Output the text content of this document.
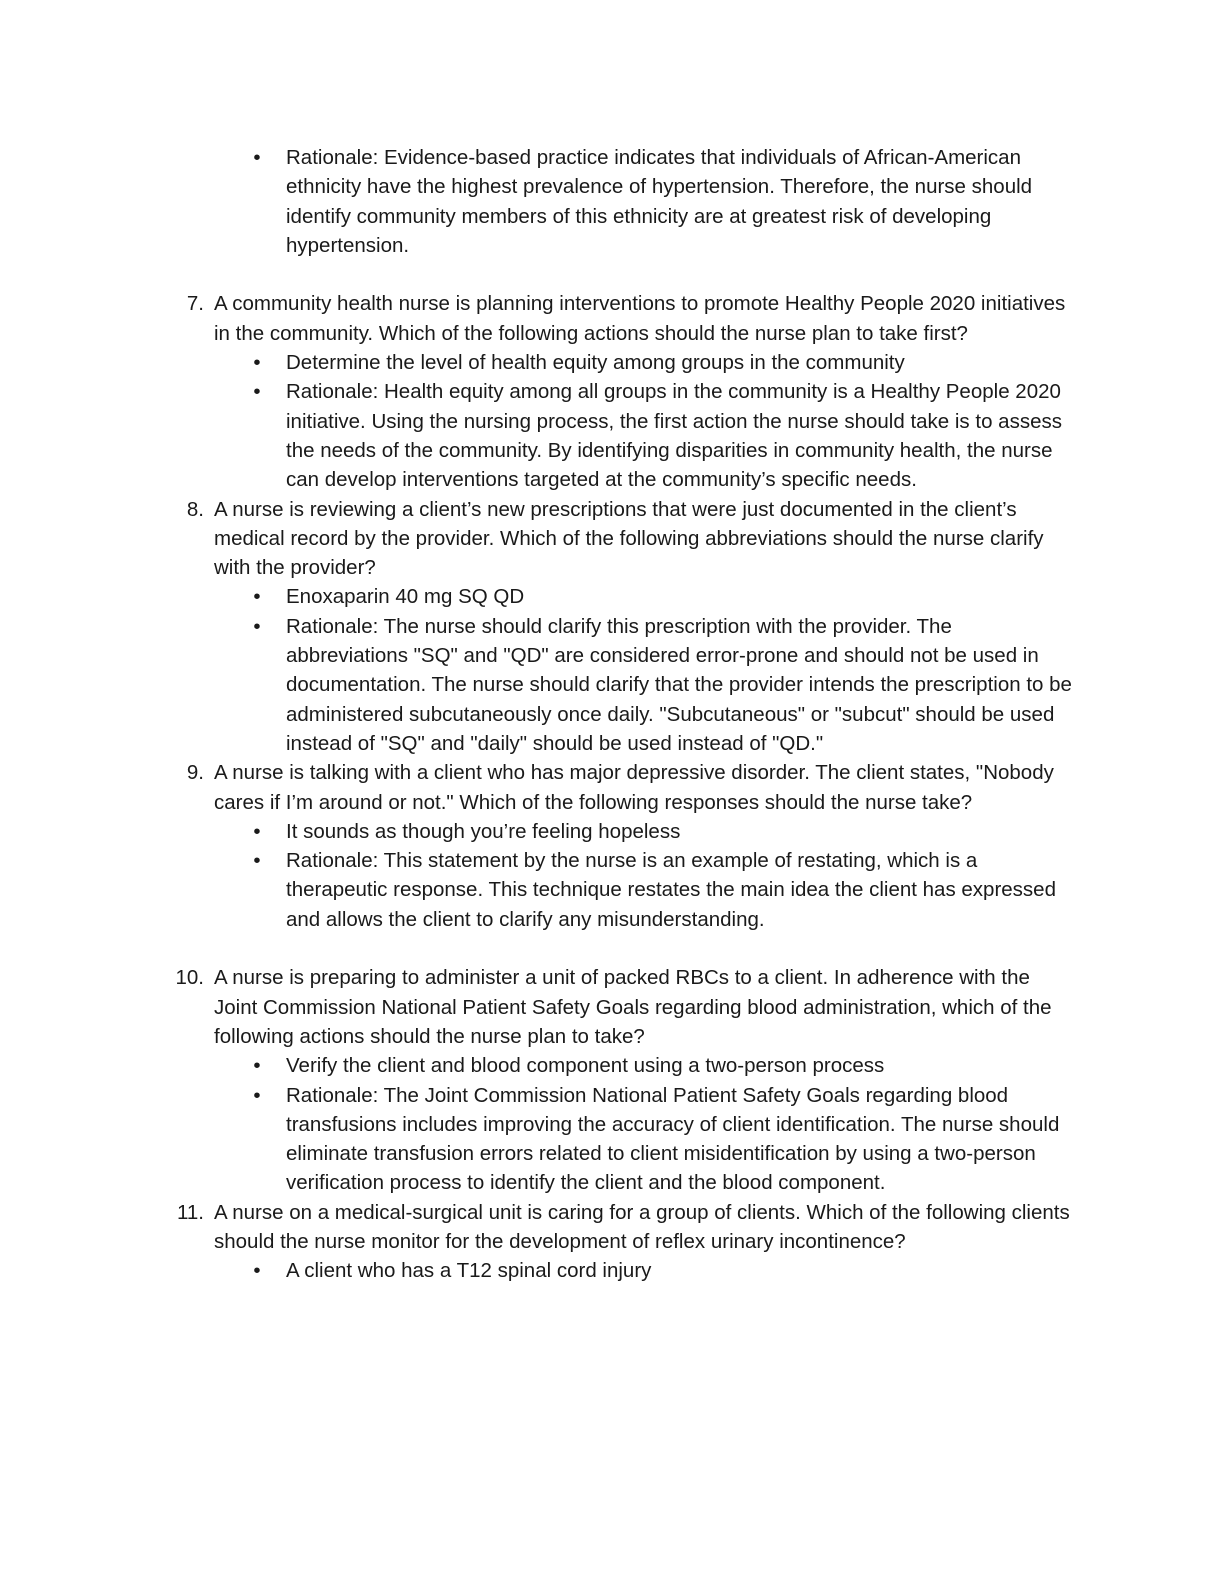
• Rationale: Evidence-based practice indicates that individuals of African-American ethnicity have the highest prevalence of hypertension. Therefore, the nurse should identify community members of this ethnicity are at greatest risk of developing hypertension.
7. A community health nurse is planning interventions to promote Healthy People 2020 initiatives in the community. Which of the following actions should the nurse plan to take first?
• Determine the level of health equity among groups in the community
• Rationale: Health equity among all groups in the community is a Healthy People 2020 initiative. Using the nursing process, the first action the nurse should take is to assess the needs of the community. By identifying disparities in community health, the nurse can develop interventions targeted at the community’s specific needs.
8. A nurse is reviewing a client’s new prescriptions that were just documented in the client’s medical record by the provider. Which of the following abbreviations should the nurse clarify with the provider?
• Enoxaparin 40 mg SQ QD
• Rationale: The nurse should clarify this prescription with the provider. The abbreviations "SQ" and "QD" are considered error-prone and should not be used in documentation. The nurse should clarify that the provider intends the prescription to be administered subcutaneously once daily. "Subcutaneous" or "subcut" should be used instead of "SQ" and "daily" should be used instead of "QD."
9. A nurse is talking with a client who has major depressive disorder. The client states, "Nobody cares if I’m around or not." Which of the following responses should the nurse take?
• It sounds as though you’re feeling hopeless
• Rationale: This statement by the nurse is an example of restating, which is a therapeutic response. This technique restates the main idea the client has expressed and allows the client to clarify any misunderstanding.
10. A nurse is preparing to administer a unit of packed RBCs to a client. In adherence with the Joint Commission National Patient Safety Goals regarding blood administration, which of the following actions should the nurse plan to take?
• Verify the client and blood component using a two-person process
• Rationale: The Joint Commission National Patient Safety Goals regarding blood transfusions includes improving the accuracy of client identification. The nurse should eliminate transfusion errors related to client misidentification by using a two-person verification process to identify the client and the blood component.
11. A nurse on a medical-surgical unit is caring for a group of clients. Which of the following clients should the nurse monitor for the development of reflex urinary incontinence?
• A client who has a T12 spinal cord injury
